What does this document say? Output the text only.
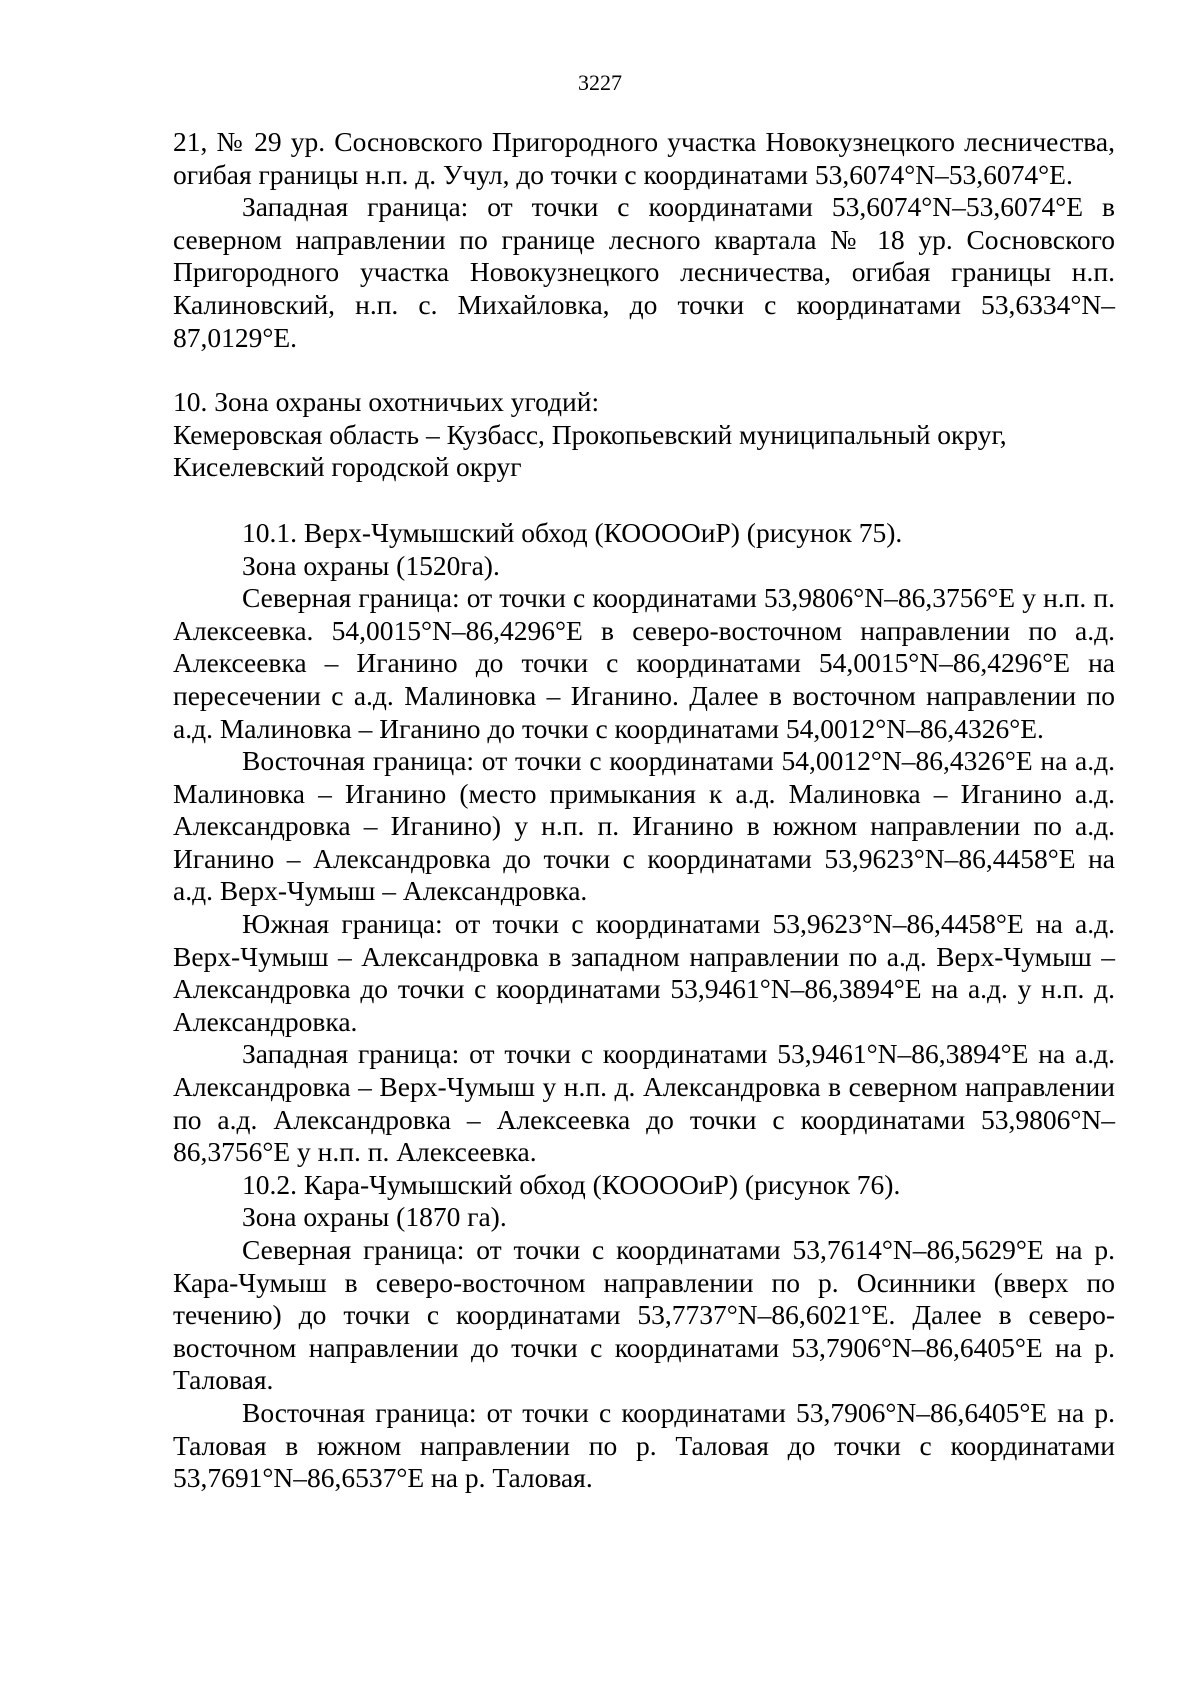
3227

21, № 29 ур. Сосновского Пригородного участка Новокузнецкого лесничества, огибая границы н.п. д. Учул, до точки с координатами 53,6074°N–53,6074°E.

Западная граница: от точки с координатами 53,6074°N–53,6074°E в северном направлении по границе лесного квартала № 18 ур. Сосновского Пригородного участка Новокузнецкого лесничества, огибая границы н.п. Калиновский, н.п. с. Михайловка, до точки с координатами 53,6334°N–87,0129°E.

10. Зона охраны охотничьих угодий:

Кемеровская область – Кузбасс, Прокопьевский муниципальный округ,

Киселевский городской округ

10.1. Верх-Чумышский обход (КООООиР) (рисунок 75).

Зона охраны (1520га).

Северная граница: от точки с координатами 53,9806°N–86,3756°E у н.п. п. Алексеевка. 54,0015°N–86,4296°E в северо-восточном направлении по а.д. Алексеевка – Иганино до точки с координатами 54,0015°N–86,4296°E на пересечении с а.д. Малиновка – Иганино. Далее в восточном направлении по а.д. Малиновка – Иганино до точки с координатами 54,0012°N–86,4326°E.

Восточная граница: от точки с координатами 54,0012°N–86,4326°E на а.д. Малиновка – Иганино (место примыкания к а.д. Малиновка – Иганино а.д. Александровка – Иганино) у н.п. п. Иганино в южном направлении по а.д. Иганино – Александровка до точки с координатами 53,9623°N–86,4458°E на а.д. Верх-Чумыш – Александровка.

Южная граница: от точки с координатами 53,9623°N–86,4458°E на а.д. Верх-Чумыш – Александровка в западном направлении по а.д. Верх-Чумыш – Александровка до точки с координатами 53,9461°N–86,3894°E на а.д. у н.п. д. Александровка.

Западная граница: от точки с координатами 53,9461°N–86,3894°E на а.д. Александровка – Верх-Чумыш у н.п. д. Александровка в северном направлении по а.д. Александровка – Алексеевка до точки с координатами 53,9806°N–86,3756°E у н.п. п. Алексеевка.

10.2. Кара-Чумышский обход (КООООиР) (рисунок 76).

Зона охраны (1870 га).

Северная граница: от точки с координатами 53,7614°N–86,5629°E на р. Кара-Чумыш в северо-восточном направлении по р. Осинники (вверх по течению) до точки с координатами 53,7737°N–86,6021°E. Далее в северо-восточном направлении до точки с координатами 53,7906°N–86,6405°E на р. Таловая.

Восточная граница: от точки с координатами 53,7906°N–86,6405°E на р. Таловая в южном направлении по р. Таловая до точки с координатами 53,7691°N–86,6537°E на р. Таловая.
